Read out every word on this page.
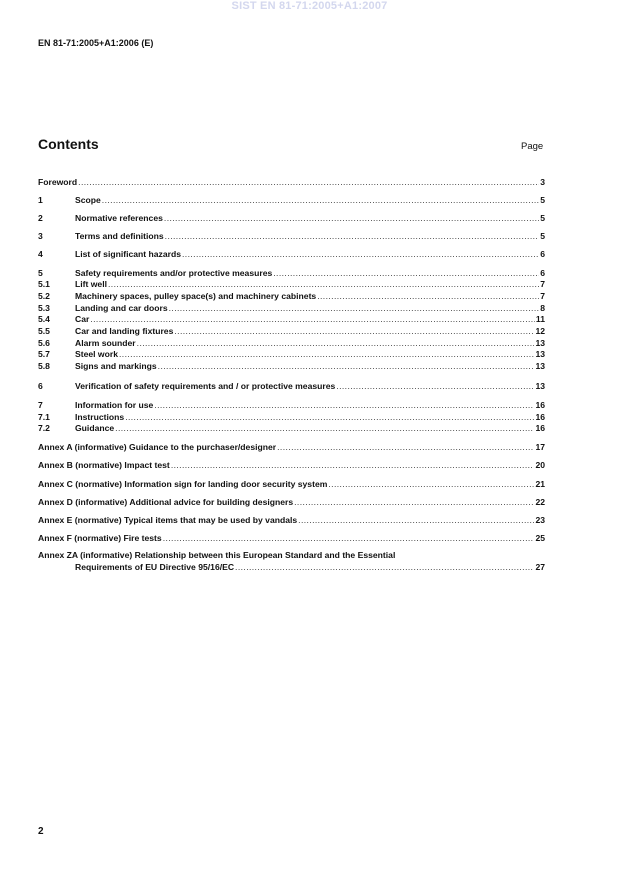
SIST EN 81-71:2005+A1:2007
EN 81-71:2005+A1:2006 (E)
Contents	Page
Foreword .....	3
1	Scope .....	5
2	Normative references .....	5
3	Terms and definitions .....	5
4	List of significant hazards .....	6
5	Safety requirements and/or protective measures .....	6
5.1	Lift well .....	7
5.2	Machinery spaces, pulley space(s) and machinery cabinets .....	7
5.3	Landing and car doors .....	8
5.4	Car .....	11
5.5	Car and landing fixtures .....	12
5.6	Alarm sounder .....	13
5.7	Steel work .....	13
5.8	Signs and markings .....	13
6	Verification of safety requirements and / or protective measures .....	13
7	Information for use .....	16
7.1	Instructions .....	16
7.2	Guidance .....	16
Annex A (informative) Guidance to the purchaser/designer .....	17
Annex B (normative) Impact test .....	20
Annex C (normative) Information sign for landing door security system .....	21
Annex D (informative) Additional advice for building designers .....	22
Annex E (normative) Typical items that may be used by vandals .....	23
Annex F (normative) Fire tests .....	25
Annex ZA (informative) Relationship between this European Standard and the Essential
Requirements of EU Directive 95/16/EC .....	27
2
